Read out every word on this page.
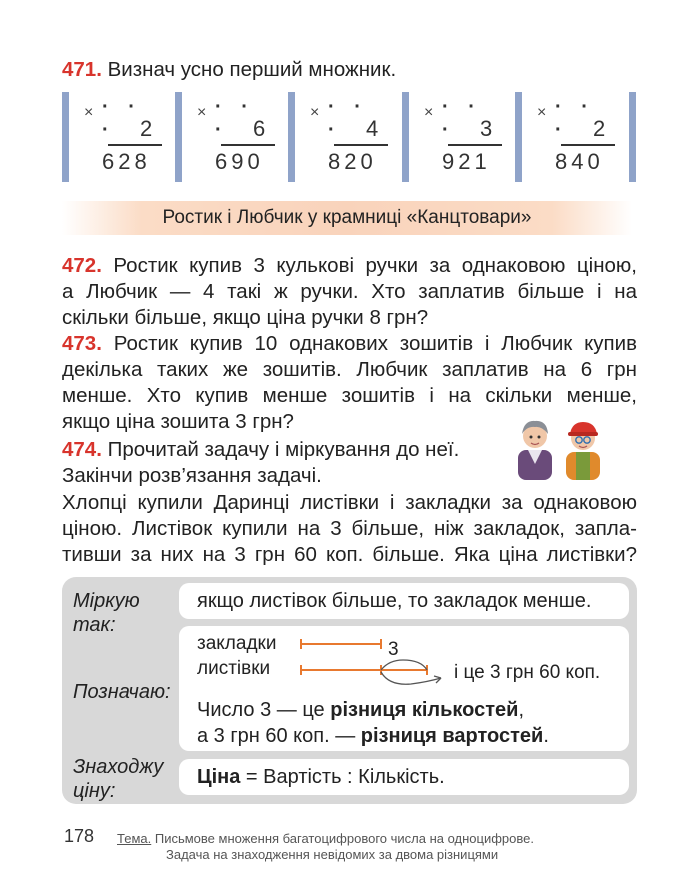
471. Визнач усно перший множник.
× · · ·	2
628
× · · ·	6
690
× · · ·	4
820
× · · ·	3
921
× · · ·	2
840
Ростик і Любчик у крамниці «Канцтовари»
472. Ростик купив 3 кулькові ручки за однаковою ціною,
а Любчик — 4 такі ж ручки. Хто заплатив більше і на
скільки більше, якщо ціна ручки 8 грн?
473. Ростик купив 10 однакових зошитів і Любчик купив
декілька таких же зошитів. Любчик заплатив на 6 грн
менше. Хто купив менше зошитів і на скільки менше,
якщо ціна зошита 3 грн?
474. Прочитай задачу і міркування до неї.
Закінчи розв’язання задачі.
Хлопці купили Даринці листівки і закладки за однаковою
ціною. Листівок купили на 3 більше, ніж закладок, запла-
тивши за них на 3 грн 60 коп. більше. Яка ціна листівки?
Міркую
так:
якщо листівок більше, то закладок менше.
Позначаю:
закладки
листівки
3
і це 3 грн 60 коп.
Число 3 — це різниця кількостей,
а 3 грн 60 коп. — різниця вартостей.
Знаходжу
ціну:
Ціна = Вартість : Кількість.
178 Тема. Письмове множення багатоцифрового числа на одноцифрове.
Задача на знаходження невідомих за двома різницями
